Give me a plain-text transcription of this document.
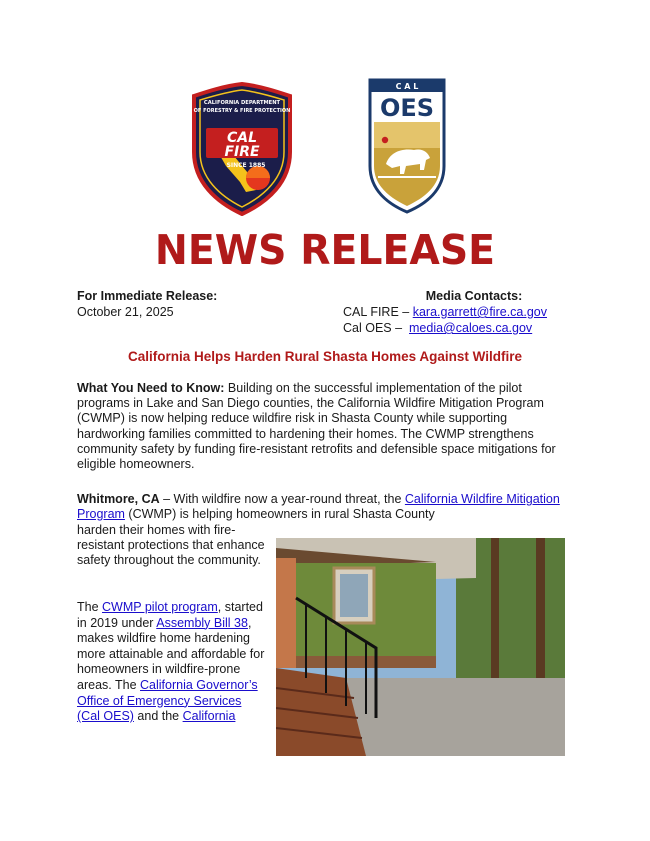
CAL
FIRE
CALIFORNIA DEPARTMENT
OF FORESTRY & FIRE PROTECTION
SINCE 1885
C A L
OES
NEWS RELEASE
For Immediate Release:
October 21, 2025
Media Contacts:
CAL FIRE – kara.garrett@fire.ca.gov
Cal OES – media@caloes.ca.gov
California Helps Harden Rural Shasta Homes Against Wildfire
What You Need to Know: Building on the successful implementation of the pilot programs in Lake and San Diego counties, the California Wildfire Mitigation Program (CWMP) is now helping reduce wildfire risk in Shasta County while supporting hardworking families committed to hardening their homes. The CWMP strengthens community safety by funding fire-resistant retrofits and defensible space mitigations for eligible homeowners.
Whitmore, CA – With wildfire now a year-round threat, the California Wildfire Mitigation Program (CWMP) is helping homeowners in rural Shasta County
harden their homes with fire-resistant protections that enhance safety throughout the community.
The CWMP pilot program, started in 2019 under Assembly Bill 38, makes wildfire home hardening more attainable and affordable for homeowners in wildfire-prone areas. The California Governor’s Office of Emergency Services (Cal OES) and the California
